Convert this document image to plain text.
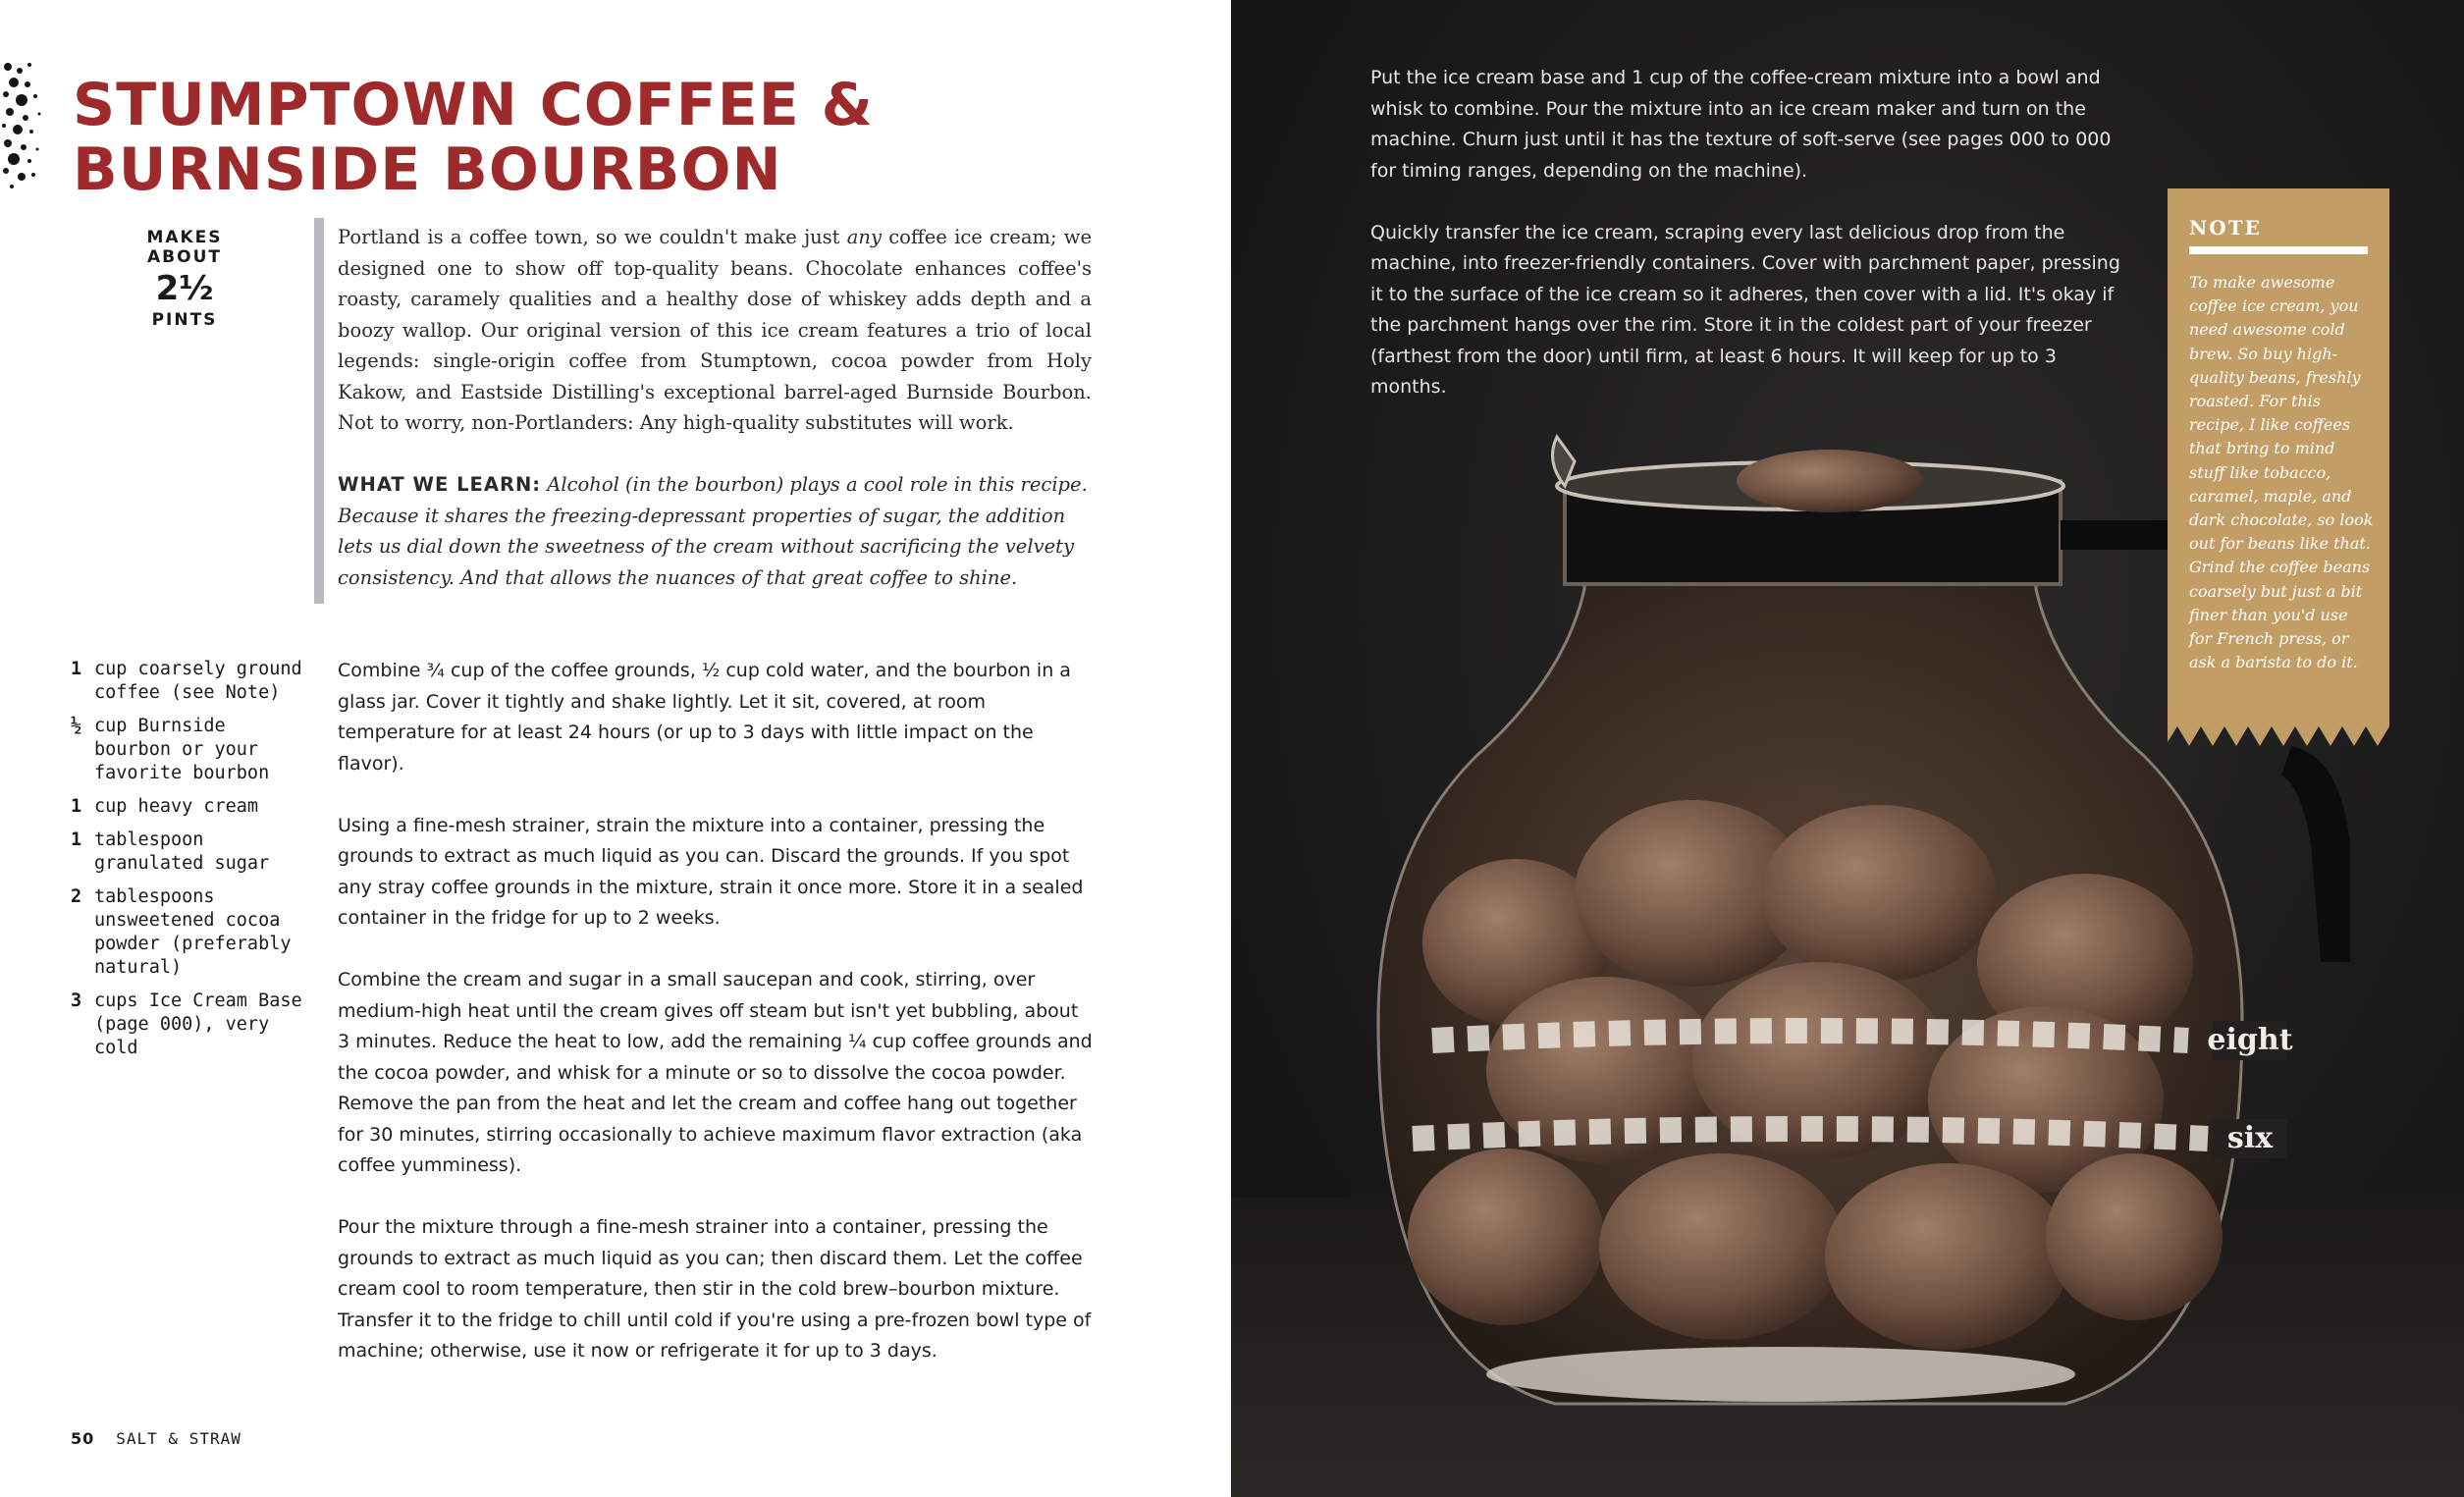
STUMPTOWN COFFEE &
BURNSIDE BOURBON
MAKES ABOUT
2½
PINTS

Portland is a coffee town, so we couldn't make just any coffee ice cream; we designed one to show off top-quality beans. Chocolate enhances coffee's roasty, caramely qualities and a healthy dose of whiskey adds depth and a boozy wallop. Our original version of this ice cream features a trio of local legends: single-origin coffee from Stumptown, cocoa powder from Holy Kakow, and Eastside Distilling's exceptional barrel-aged Burnside Bourbon. Not to worry, non-Portlanders: Any high-quality substitutes will work.

WHAT WE LEARN: Alcohol (in the bourbon) plays a cool role in this recipe. Because it shares the freezing-depressant properties of sugar, the addition lets us dial down the sweetness of the cream without sacrificing the velvety consistency. And that allows the nuances of that great coffee to shine.

1 cup coarsely ground coffee (see Note)
½ cup Burnside bourbon or your favorite bourbon
1 cup heavy cream
1 tablespoon granulated sugar
2 tablespoons unsweetened cocoa powder (preferably natural)
3 cups Ice Cream Base (page 000), very cold

Combine ¾ cup of the coffee grounds, ½ cup cold water, and the bourbon in a glass jar. Cover it tightly and shake lightly. Let it sit, covered, at room temperature for at least 24 hours (or up to 3 days with little impact on the flavor).

Using a fine-mesh strainer, strain the mixture into a container, pressing the grounds to extract as much liquid as you can. Discard the grounds. If you spot any stray coffee grounds in the mixture, strain it once more. Store it in a sealed container in the fridge for up to 2 weeks.

Combine the cream and sugar in a small saucepan and cook, stirring, over medium-high heat until the cream gives off steam but isn't yet bubbling, about 3 minutes. Reduce the heat to low, add the remaining ¼ cup coffee grounds and the cocoa powder, and whisk for a minute or so to dissolve the cocoa powder. Remove the pan from the heat and let the cream and coffee hang out together for 30 minutes, stirring occasionally to achieve maximum flavor extraction (aka coffee yumminess).

Pour the mixture through a fine-mesh strainer into a container, pressing the grounds to extract as much liquid as you can; then discard them. Let the coffee cream cool to room temperature, then stir in the cold brew–bourbon mixture. Transfer it to the fridge to chill until cold if you're using a pre-frozen bowl type of machine; otherwise, use it now or refrigerate it for up to 3 days.

50 SALT & STRAW
eight
six

Put the ice cream base and 1 cup of the coffee-cream mixture into a bowl and whisk to combine. Pour the mixture into an ice cream maker and turn on the machine. Churn just until it has the texture of soft-serve (see pages 000 to 000 for timing ranges, depending on the machine).

Quickly transfer the ice cream, scraping every last delicious drop from the machine, into freezer-friendly containers. Cover with parchment paper, pressing it to the surface of the ice cream so it adheres, then cover with a lid. It's okay if the parchment hangs over the rim. Store it in the coldest part of your freezer (farthest from the door) until firm, at least 6 hours. It will keep for up to 3 months.

NOTE

To make awesome coffee ice cream, you need awesome cold brew. So buy high-quality beans, freshly roasted. For this recipe, I like coffees that bring to mind stuff like tobacco, caramel, maple, and dark chocolate, so look out for beans like that. Grind the coffee beans coarsely but just a bit finer than you'd use for French press, or ask a barista to do it.
